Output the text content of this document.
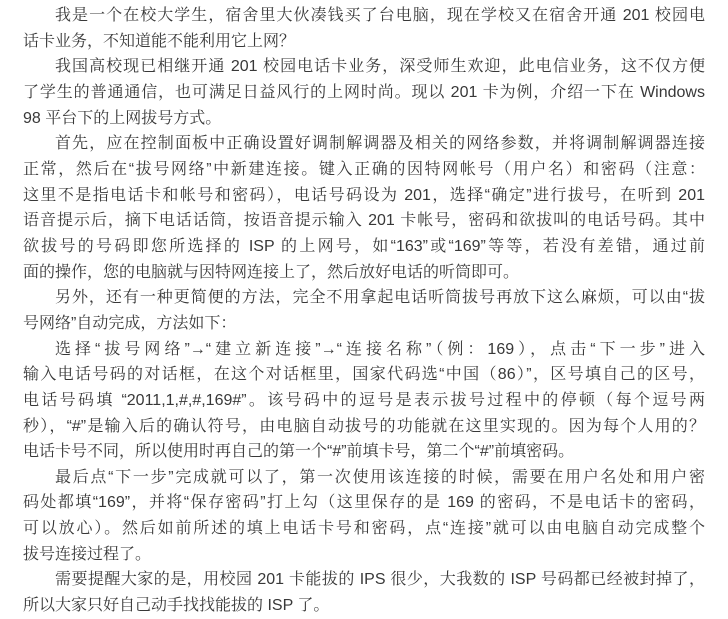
我是一个在校大学生，宿舍里大伙凑钱买了台电脑，现在学校又在宿舍开通 201 校园电
话卡业务，不知道能不能利用它上网？
我国高校现已相继开通 201 校园电话卡业务，深受师生欢迎，此电信业务，这不仅方便
了学生的普通通信，也可满足日益风行的上网时尚。现以 201 卡为例，介绍一下在 Windows
98 平台下的上网拔号方式。
首先，应在控制面板中正确设置好调制解调器及相关的网络参数，并将调制解调器连接
正常，然后在“拔号网络”中新建连接。键入正确的因特网帐号（用户名）和密码（注意：
这里不是指电话卡和帐号和密码），电话号码设为 201，选择“确定”进行拔号，在听到 201
语音提示后，摘下电话话筒，按语音提示输入 201 卡帐号，密码和欲拔叫的电话号码。其中
欲拔号的号码即您所选择的 ISP 的上网号，如“163”或“169”等等，若没有差错，通过前
面的操作，您的电脑就与因特网连接上了，然后放好电话的听筒即可。
另外，还有一种更简便的方法，完全不用拿起电话听筒拔号再放下这么麻烦，可以由“拔
号网络”自动完成，方法如下：
选择“拔号网络”→“建立新连接”→“连接名称”（例：169），点击“下一步”进入
输入电话号码的对话框，在这个对话框里，国家代码选“中国（86）”，区号填自己的区号，
电话号码填 “2011,1,#,#,169#”。该号码中的逗号是表示拔号过程中的停顿（每个逗号两
秒），“#”是输入后的确认符号，由电脑自动拔号的功能就在这里实现的。因为每个人用的？
电话卡号不同，所以使用时再自己的第一个“#”前填卡号，第二个“#”前填密码。
最后点“下一步”完成就可以了，第一次使用该连接的时候，需要在用户名处和用户密
码处都填“169”，并将“保存密码”打上勾（这里保存的是 169 的密码，不是电话卡的密码，
可以放心）。然后如前所述的填上电话卡号和密码，点“连接”就可以由电脑自动完成整个
拔号连接过程了。
需要提醒大家的是，用校园 201 卡能拔的 IPS 很少，大我数的 ISP 号码都已经被封掉了，
所以大家只好自己动手找找能拔的 ISP 了。
